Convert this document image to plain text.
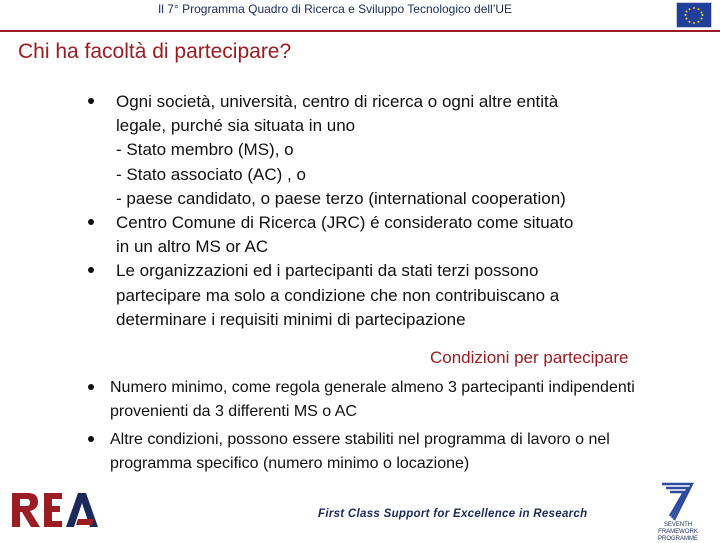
Il 7° Programma Quadro di Ricerca e Sviluppo Tecnologico dell’UE
Chi ha facoltà di partecipare?
Ogni società, università, centro di ricerca o ogni altre entità
legale, purché sia situata in uno
- Stato membro (MS), o
- Stato associato (AC) , o
- paese candidato, o paese terzo (international cooperation)
Centro Comune di Ricerca (JRC) é considerato come situato
in un altro MS or AC
Le organizzazioni ed i partecipanti da stati terzi possono
partecipare ma solo a condizione che non contribuiscano a
determinare i requisiti minimi di partecipazione
Condizioni per partecipare
Numero minimo, come regola generale almeno 3 partecipanti indipendenti
provenienti da 3 differenti MS o AC
Altre condizioni, possono essere stabiliti nel programma di lavoro o nel
programma specifico (numero minimo o locazione)
First Class Support for Excellence in Research
SEVENTH FRAMEWORK PROGRAMME
